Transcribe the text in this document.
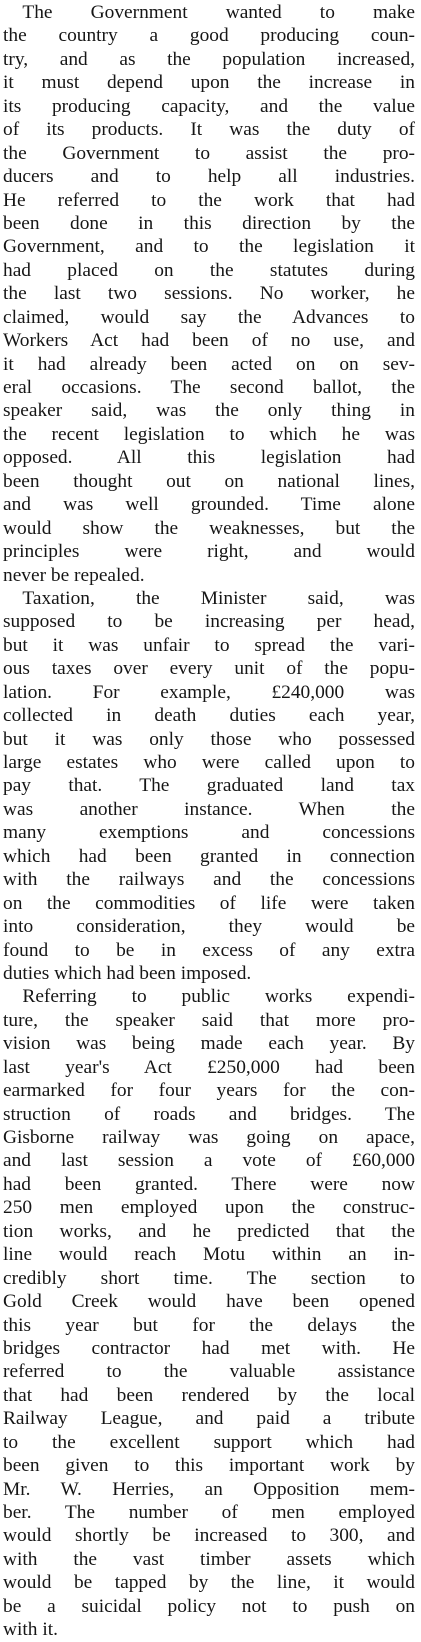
The Government wanted to make
the country a good producing coun-
try, and as the population increased,
it must depend upon the increase in
its producing capacity, and the value
of its products. It was the duty of
the Government to assist the pro-
ducers and to help all industries.
He referred to the work that had
been done in this direction by the
Government, and to the legislation it
had placed on the statutes during
the last two sessions. No worker, he
claimed, would say the Advances to
Workers Act had been of no use, and
it had already been acted on on sev-
eral occasions. The second ballot, the
speaker said, was the only thing in
the recent legislation to which he was
opposed. All this legislation had
been thought out on national lines,
and was well grounded. Time alone
would show the weaknesses, but the
principles were right, and would
never be repealed.
Taxation, the Minister said, was
supposed to be increasing per head,
but it was unfair to spread the vari-
ous taxes over every unit of the popu-
lation. For example, £240,000 was
collected in death duties each year,
but it was only those who possessed
large estates who were called upon to
pay that. The graduated land tax
was another instance. When the
many exemptions and concessions
which had been granted in connection
with the railways and the concessions
on the commodities of life were taken
into consideration, they would be
found to be in excess of any extra
duties which had been imposed.
Referring to public works expendi-
ture, the speaker said that more pro-
vision was being made each year. By
last year's Act £250,000 had been
earmarked for four years for the con-
struction of roads and bridges. The
Gisborne railway was going on apace,
and last session a vote of £60,000
had been granted. There were now
250 men employed upon the construc-
tion works, and he predicted that the
line would reach Motu within an in-
credibly short time. The section to
Gold Creek would have been opened
this year but for the delays the
bridges contractor had met with. He
referred to the valuable assistance
that had been rendered by the local
Railway League, and paid a tribute
to the excellent support which had
been given to this important work by
Mr. W. Herries, an Opposition mem-
ber. The number of men employed
would shortly be increased to 300, and
with the vast timber assets which
would be tapped by the line, it would
be a suicidal policy not to push on
with it.
